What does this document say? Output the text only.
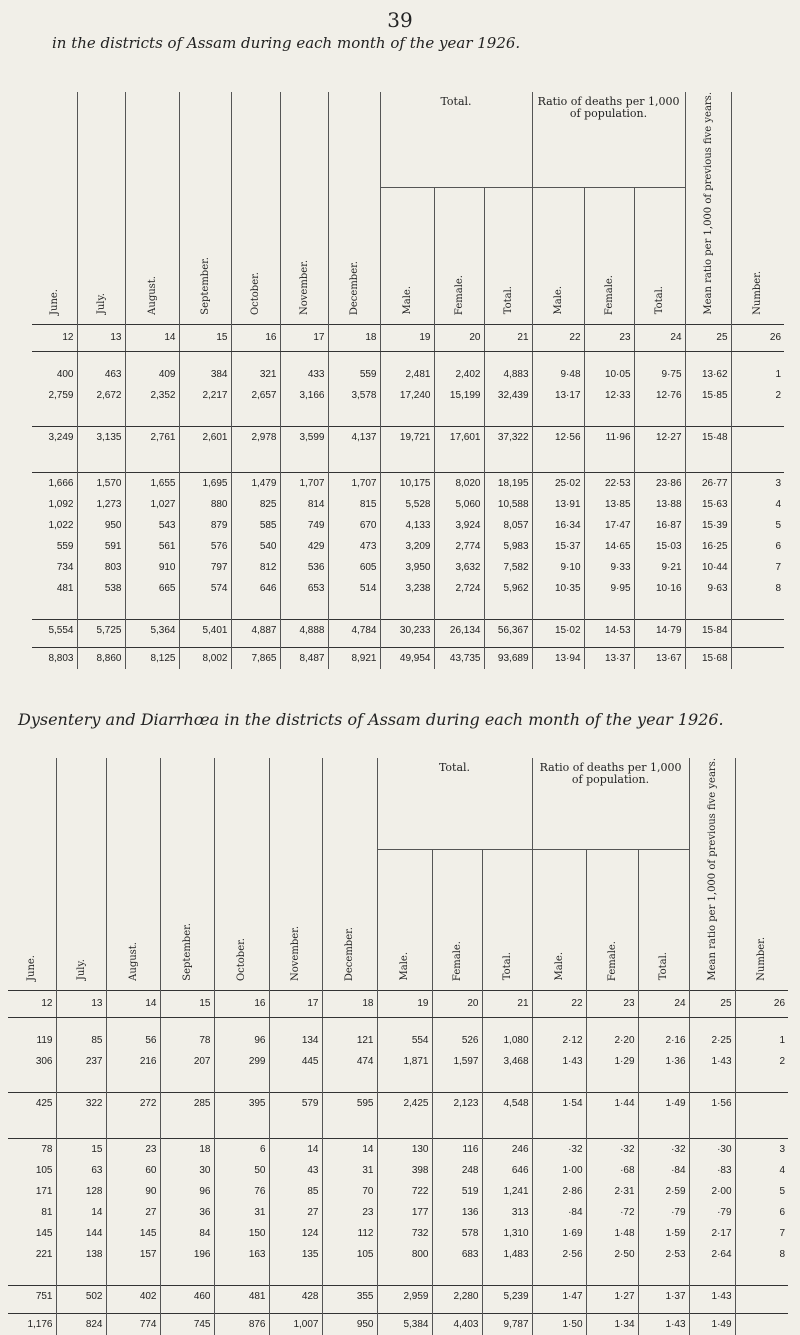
39
in the districts of Assam during each month of the year 1926.
Dysentery and Diarrhœa in the districts of Assam during each month of the year 1926.
June.	July.	August.	September.	October.	November.	December.	Total.			Ratio of deaths per 1,000 of population.			Mean ratio per 1,000 of previous five years.	Number.
							Male.	Female.	Total.	Male.	Female.	Total.		
12	13	14	15	16	17	18	19	20	21	22	23	24	25	26

400	463	409	384	321	433	559	2,481	2,402	4,883	9·48	10·05	9·75	13·62	1
2,759	2,672	2,352	2,217	2,657	3,166	3,578	17,240	15,199	32,439	13·17	12·33	12·76	15·85	2

3,249	3,135	2,761	2,601	2,978	3,599	4,137	19,721	17,601	37,322	12·56	11·96	12·27	15·48	

1,666	1,570	1,655	1,695	1,479	1,707	1,707	10,175	8,020	18,195	25·02	22·53	23·86	26·77	3
1,092	1,273	1,027	880	825	814	815	5,528	5,060	10,588	13·91	13·85	13·88	15·63	4
1,022	950	543	879	585	749	670	4,133	3,924	8,057	16·34	17·47	16·87	15·39	5
559	591	561	576	540	429	473	3,209	2,774	5,983	15·37	14·65	15·03	16·25	6
734	803	910	797	812	536	605	3,950	3,632	7,582	9·10	9·33	9·21	10·44	7
481	538	665	574	646	653	514	3,238	2,724	5,962	10·35	9·95	10·16	9·63	8

5,554	5,725	5,364	5,401	4,887	4,888	4,784	30,233	26,134	56,367	15·02	14·53	14·79	15·84	

8,803	8,860	8,125	8,002	7,865	8,487	8,921	49,954	43,735	93,689	13·94	13·37	13·67	15·68	
June.	July.	August.	September.	October.	November.	December.	Total.			Ratio of deaths per 1,000 of population.			Mean ratio per 1,000 of previous five years.	Number.
							Male.	Female.	Total.	Male.	Female.	Total.		
12	13	14	15	16	17	18	19	20	21	22	23	24	25	26

119	85	56	78	96	134	121	554	526	1,080	2·12	2·20	2·16	2·25	1
306	237	216	207	299	445	474	1,871	1,597	3,468	1·43	1·29	1·36	1·43	2

425	322	272	285	395	579	595	2,425	2,123	4,548	1·54	1·44	1·49	1·56	

78	15	23	18	6	14	14	130	116	246	·32	·32	·32	·30	3
105	63	60	30	50	43	31	398	248	646	1·00	·68	·84	·83	4
171	128	90	96	76	85	70	722	519	1,241	2·86	2·31	2·59	2·00	5
81	14	27	36	31	27	23	177	136	313	·84	·72	·79	·79	6
145	144	145	84	150	124	112	732	578	1,310	1·69	1·48	1·59	2·17	7
221	138	157	196	163	135	105	800	683	1,483	2·56	2·50	2·53	2·64	8

751	502	402	460	481	428	355	2,959	2,280	5,239	1·47	1·27	1·37	1·43	

1,176	824	774	745	876	1,007	950	5,384	4,403	9,787	1·50	1·34	1·43	1·49	
